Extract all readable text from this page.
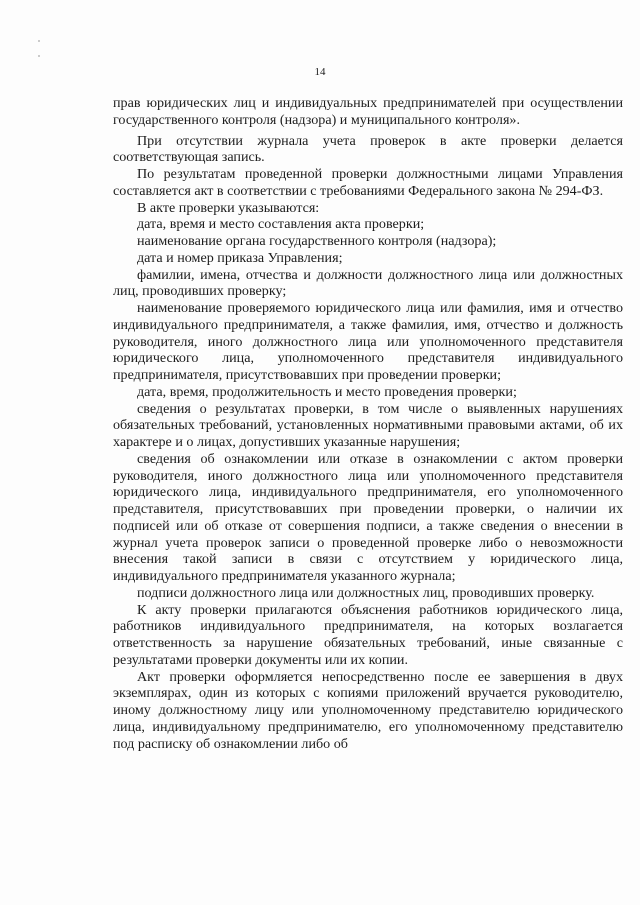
14

прав юридических лиц и индивидуальных предпринимателей при осуществлении государственного контроля (надзора) и муниципального контроля».

При отсутствии журнала учета проверок в акте проверки делается соответствующая запись.

По результатам проведенной проверки должностными лицами Управления составляется акт в соответствии с требованиями Федерального закона № 294-ФЗ.

В акте проверки указываются:

дата, время и место составления акта проверки;

наименование органа государственного контроля (надзора);

дата и номер приказа Управления;

фамилии, имена, отчества и должности должностного лица или должностных лиц, проводивших проверку;

наименование проверяемого юридического лица или фамилия, имя и отчество индивидуального предпринимателя, а также фамилия, имя, отчество и должность руководителя, иного должностного лица или уполномоченного представителя юридического лица, уполномоченного представителя индивидуального предпринимателя, присутствовавших при проведении проверки;

дата, время, продолжительность и место проведения проверки;

сведения о результатах проверки, в том числе о выявленных нарушениях обязательных требований, установленных нормативными правовыми актами, об их характере и о лицах, допустивших указанные нарушения;

сведения об ознакомлении или отказе в ознакомлении с актом проверки руководителя, иного должностного лица или уполномоченного представителя юридического лица, индивидуального предпринимателя, его уполномоченного представителя, присутствовавших при проведении проверки, о наличии их подписей или об отказе от совершения подписи, а также сведения о внесении в журнал учета проверок записи о проведенной проверке либо о невозможности внесения такой записи в связи с отсутствием у юридического лица, индивидуального предпринимателя указанного журнала;

подписи должностного лица или должностных лиц, проводивших проверку.

К акту проверки прилагаются объяснения работников юридического лица, работников индивидуального предпринимателя, на которых возлагается ответственность за нарушение обязательных требований, иные связанные с результатами проверки документы или их копии.

Акт проверки оформляется непосредственно после ее завершения в двух экземплярах, один из которых с копиями приложений вручается руководителю, иному должностному лицу или уполномоченному представителю юридического лица, индивидуальному предпринимателю, его уполномоченному представителю под расписку об ознакомлении либо об
